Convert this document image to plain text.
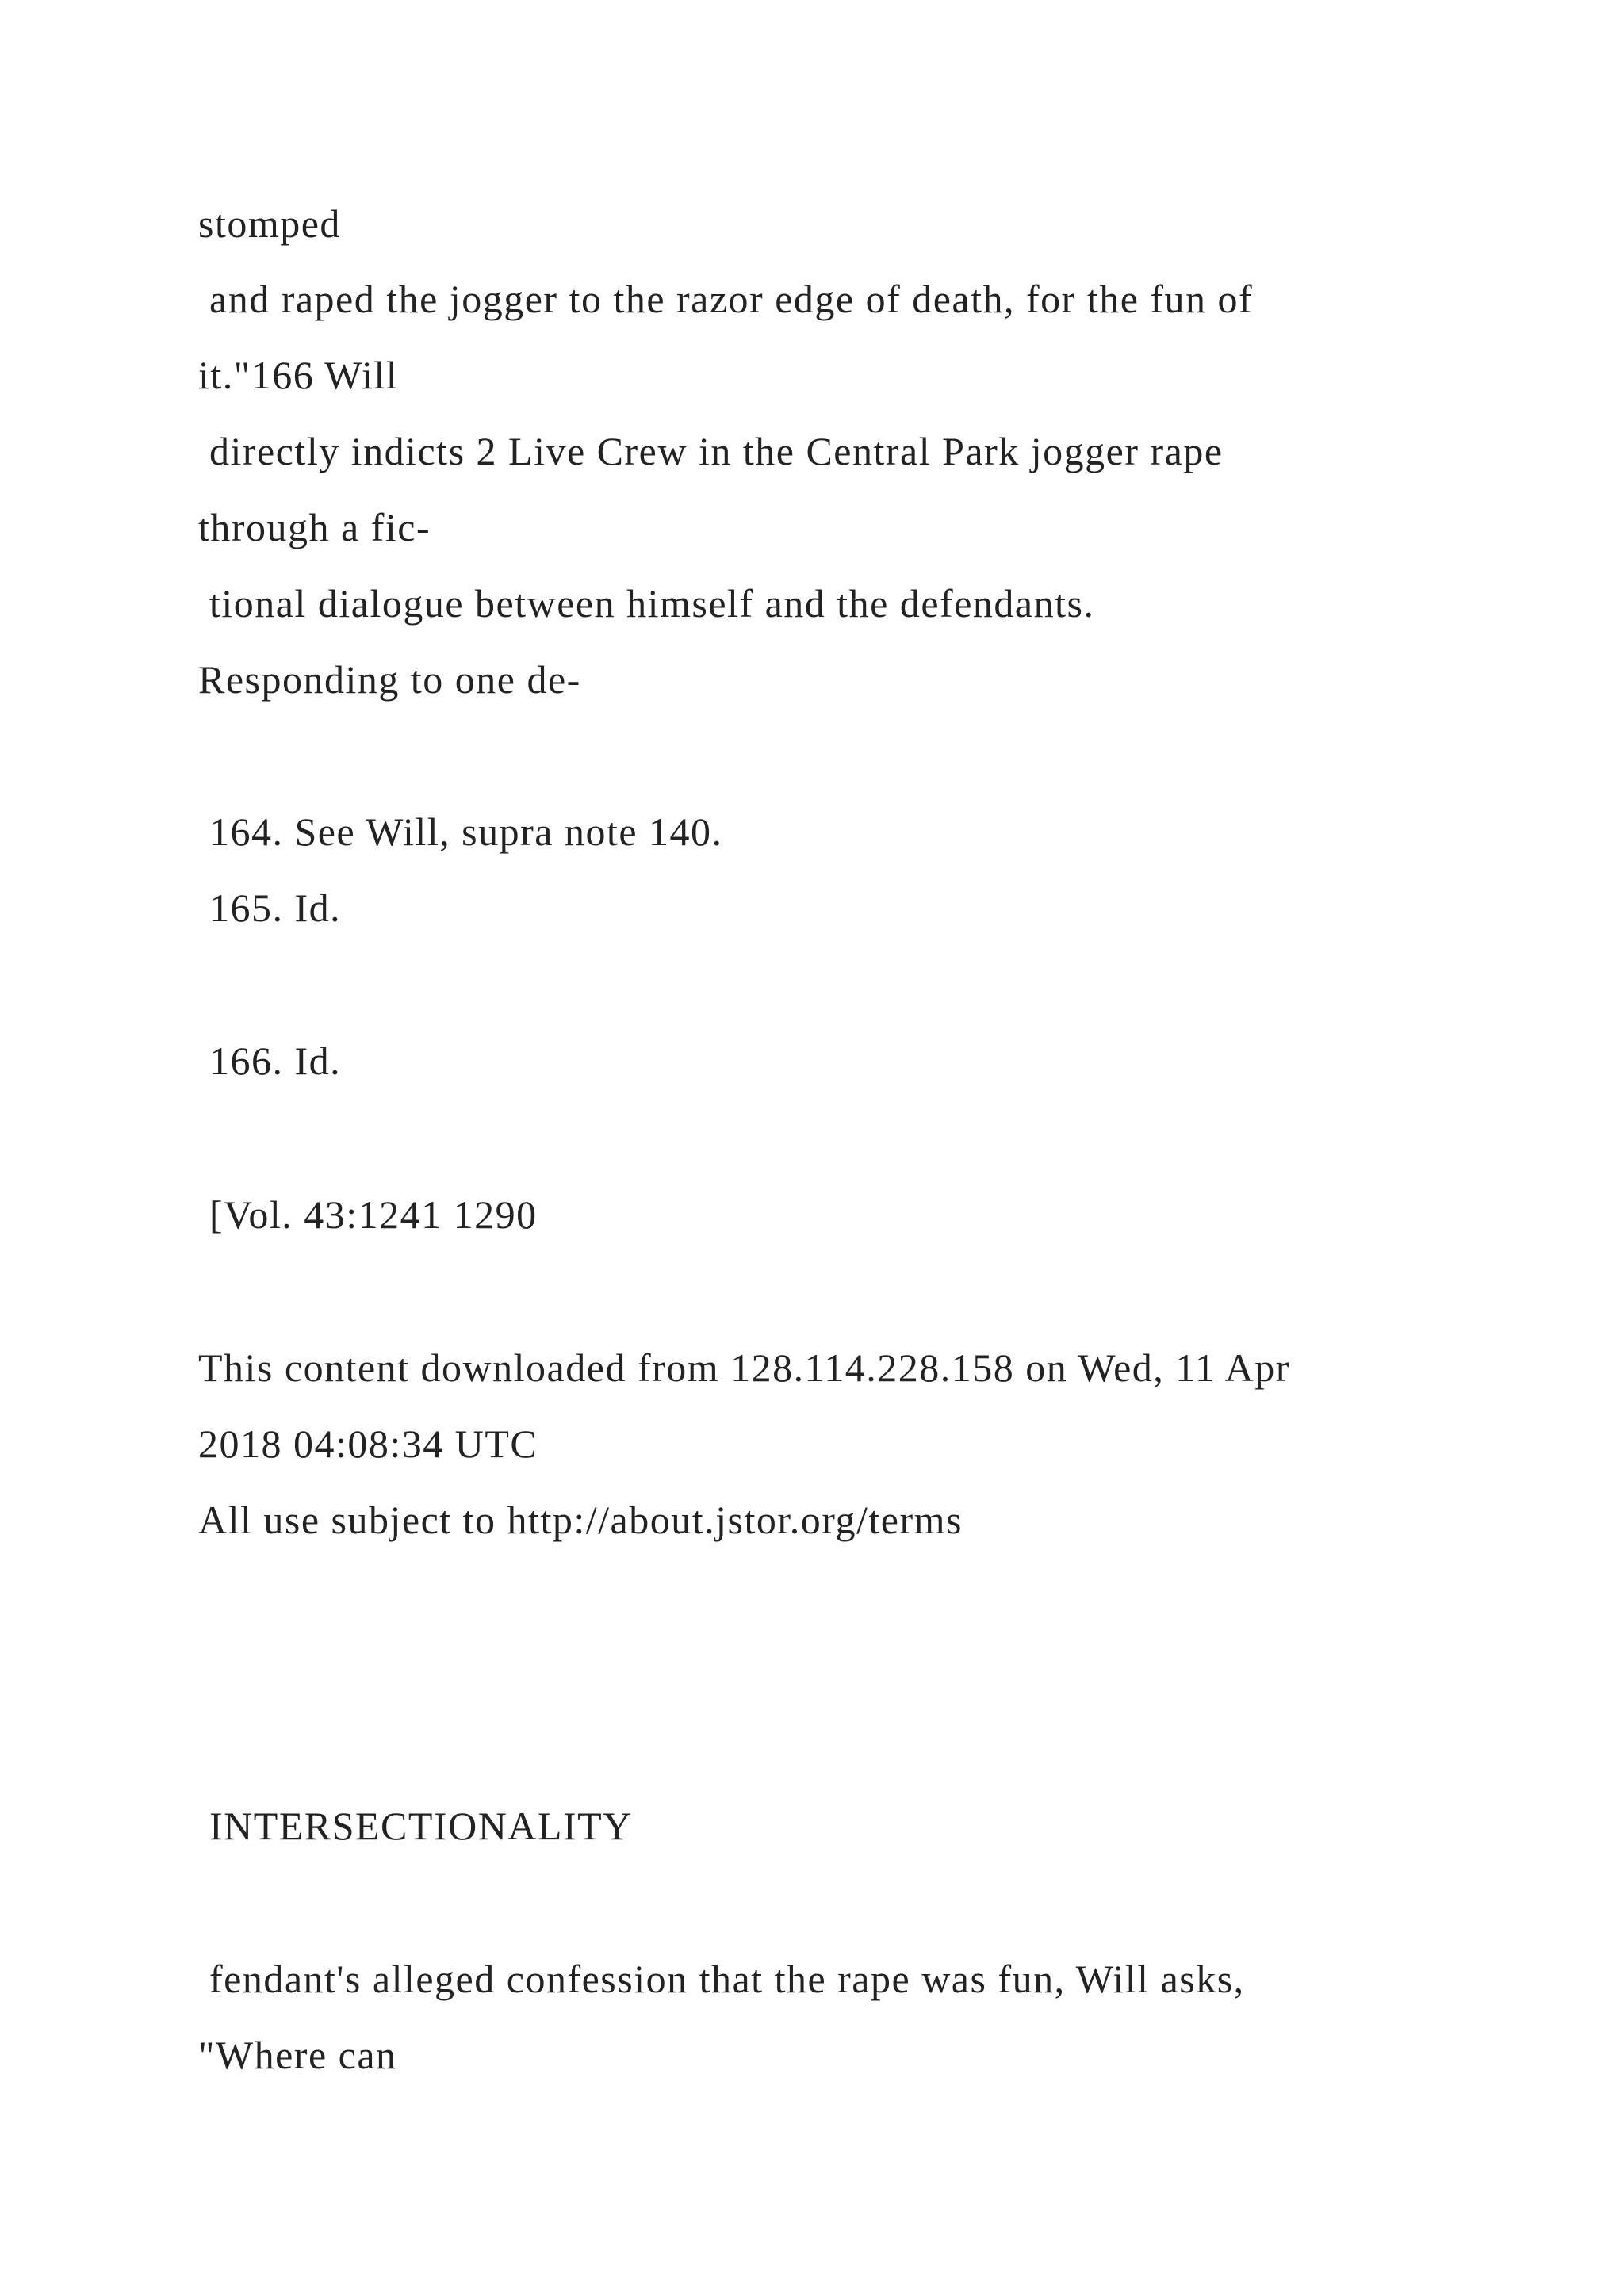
stomped

and raped the jogger to the razor edge of death, for the fun of

it."166 Will

directly indicts 2 Live Crew in the Central Park jogger rape

through a fic-

tional dialogue between himself and the defendants.

Responding to one de-

164. See Will, supra note 140.

165. Id.

166. Id.

[Vol. 43:1241 1290

This content downloaded from 128.114.228.158 on Wed, 11 Apr

2018 04:08:34 UTC

All use subject to http://about.jstor.org/terms

INTERSECTIONALITY

fendant's alleged confession that the rape was fun, Will asks,

"Where can
